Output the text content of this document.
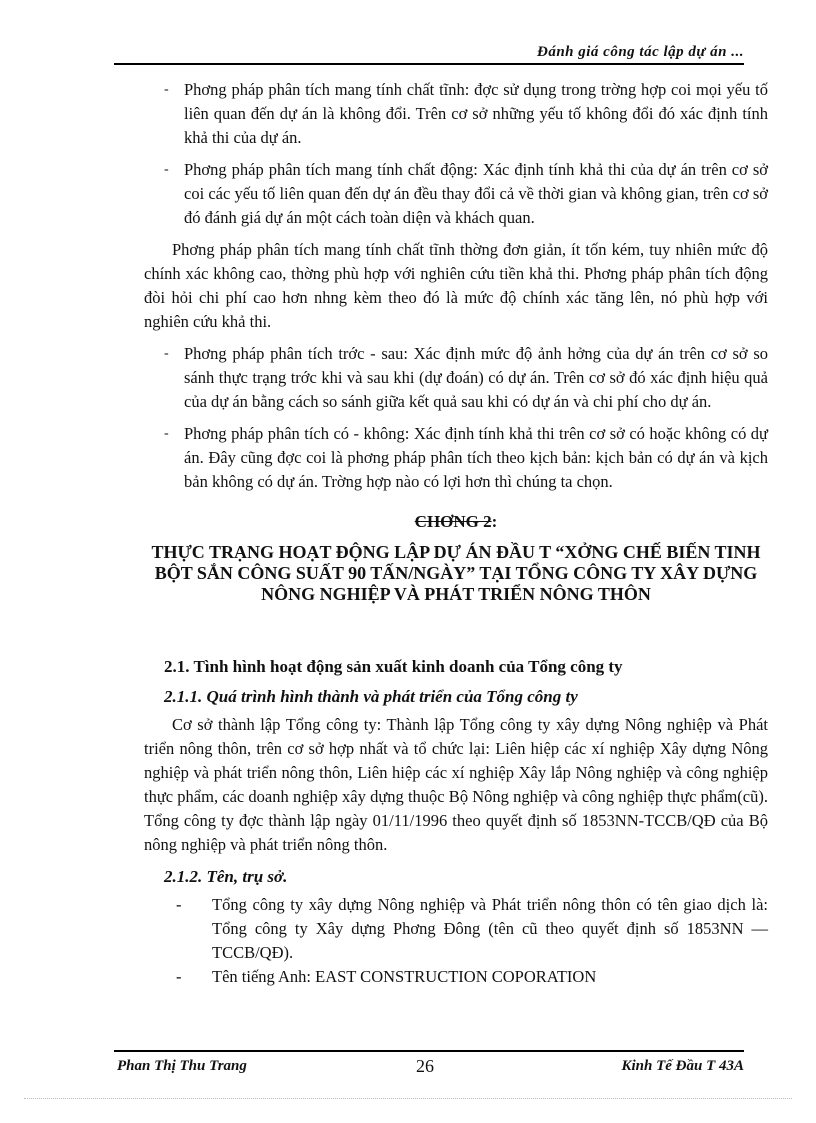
Đánh giá công tác lập dự án ...
- Phơng pháp phân tích mang tính chất tĩnh: đợc sử dụng trong trờng hợp coi mọi yếu tố liên quan đến dự án là không đổi. Trên cơ sở những yếu tố không đổi đó xác định tính khả thi của dự án.
- Phơng pháp phân tích mang tính chất động: Xác định tính khả thi của dự án trên cơ sở coi các yếu tố liên quan đến dự án đều thay đổi cả về thời gian và không gian, trên cơ sở đó đánh giá dự án một cách toàn diện và khách quan.

Phơng pháp phân tích mang tính chất tĩnh thờng đơn giản, ít tốn kém, tuy nhiên mức độ chính xác không cao, thờng phù hợp với nghiên cứu tiền khả thi. Phơng pháp phân tích động đòi hỏi chi phí cao hơn nhng kèm theo đó là mức độ chính xác tăng lên, nó phù hợp với nghiên cứu khả thi.

- Phơng pháp phân tích trớc - sau: Xác định mức độ ảnh hởng của dự án trên cơ sở so sánh thực trạng trớc khi và sau khi (dự đoán) có dự án. Trên cơ sở đó xác định hiệu quả của dự án bằng cách so sánh giữa kết quả sau khi có dự án và chi phí cho dự án.
- Phơng pháp phân tích có - không: Xác định tính khả thi trên cơ sở có hoặc không có dự án. Đây cũng đợc coi là phơng pháp phân tích theo kịch bản: kịch bản có dự án và kịch bản không có dự án. Trờng hợp nào có lợi hơn thì chúng ta chọn.
CHƠNG 2:
THỰC TRẠNG HOẠT ĐỘNG LẬP DỰ ÁN ĐẦU T “XỞNG CHẾ BIẾN TINH BỘT SẮN CÔNG SUẤT 90 TẤN/NGÀY” TẠI TỔNG CÔNG TY XÂY DỰNG NÔNG NGHIỆP VÀ PHÁT TRIỂN NÔNG THÔN
2.1. Tình hình hoạt động sản xuất kinh doanh của Tổng công ty
2.1.1. Quá trình hình thành và phát triển của Tổng công ty

Cơ sở thành lập Tổng công ty: Thành lập Tổng công ty xây dựng Nông nghiệp và Phát triển nông thôn, trên cơ sở hợp nhất và tổ chức lại: Liên hiệp các xí nghiệp Xây dựng Nông nghiệp và phát triển nông thôn, Liên hiệp các xí nghiệp Xây lắp Nông nghiệp và công nghiệp thực phẩm, các doanh nghiệp xây dựng thuộc Bộ Nông nghiệp và công nghiệp thực phẩm(cũ). Tổng công ty đợc thành lập ngày 01/11/1996 theo quyết định số 1853NN-TCCB/QĐ của Bộ nông nghiệp và phát triển nông thôn.

2.1.2. Tên, trụ sở.
- Tổng công ty xây dựng Nông nghiệp và Phát triển nông thôn có tên giao dịch là: Tổng công ty Xây dựng Phơng Đông (tên cũ theo quyết định số 1853NN — TCCB/QĐ).
- Tên tiếng Anh: EAST CONSTRUCTION COPORATION
Phan Thị Thu Trang	26	Kinh Tế Đầu T 43A
